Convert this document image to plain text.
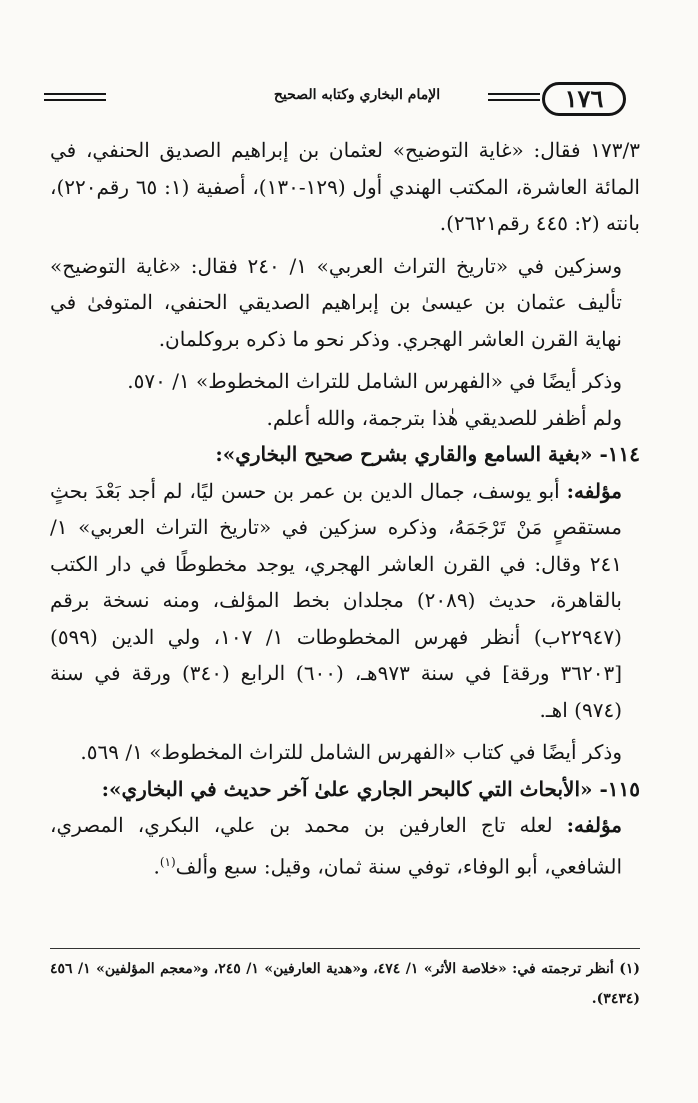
١٧٦
الإمام البخاري وكتابه الصحيح

١٧٣/٣ فقال: «غاية التوضيح» لعثمان بن إبراهيم الصديق الحنفي، في المائة العاشرة، المكتب الهندي أول (١٢٩-١٣٠)، أصفية (١: ٦٥ رقم٢٢٠)، بانته (٢: ٤٤٥ رقم٢٦٢١).

وسزكين في «تاريخ التراث العربي» ١/ ٢٤٠ فقال: «غاية التوضيح» تأليف عثمان بن عيسىٰ بن إبراهيم الصديقي الحنفي، المتوفىٰ في نهاية القرن العاشر الهجري. وذكر نحو ما ذكره بروكلمان.

وذكر أيضًا في «الفهرس الشامل للتراث المخطوط» ١/ ٥٧٠.

ولم أظفر للصديقي هٰذا بترجمة، والله أعلم.

١١٤- «بغية السامع والقاري بشرح صحيح البخاري»:

مؤلفه: أبو يوسف، جمال الدين بن عمر بن حسن ليًا، لم أجد بَعْدَ بحثٍ مستقصٍ مَنْ تَرْجَمَهُ، وذكره سزكين في «تاريخ التراث العربي» ١/ ٢٤١ وقال: في القرن العاشر الهجري، يوجد مخطوطًا في دار الكتب بالقاهرة، حديث (٢٠٨٩) مجلدان بخط المؤلف، ومنه نسخة برقم (٢٢٩٤٧ب) أنظر فهرس المخطوطات ١/ ١٠٧، ولي الدين (٥٩٩) [٣٦٢٠٣ ورقة] في سنة ٩٧٣هـ، (٦٠٠) الرابع (٣٤٠) ورقة في سنة (٩٧٤) اهـ.

وذكر أيضًا في كتاب «الفهرس الشامل للتراث المخطوط» ١/ ٥٦٩.

١١٥- «الأبحاث التي كالبحر الجاري علىٰ آخر حديث في البخاري»:

مؤلفه: لعله تاج العارفين بن محمد بن علي، البكري، المصري، الشافعي، أبو الوفاء، توفي سنة ثمان، وقيل: سبع وألف$^{(١)}$.

(١) أنظر ترجمته في: «خلاصة الأثر» ١/ ٤٧٤، و«هدية العارفين» ١/ ٢٤٥، و«معجم المؤلفين» ١/ ٤٥٦ (٣٤٣٤).
